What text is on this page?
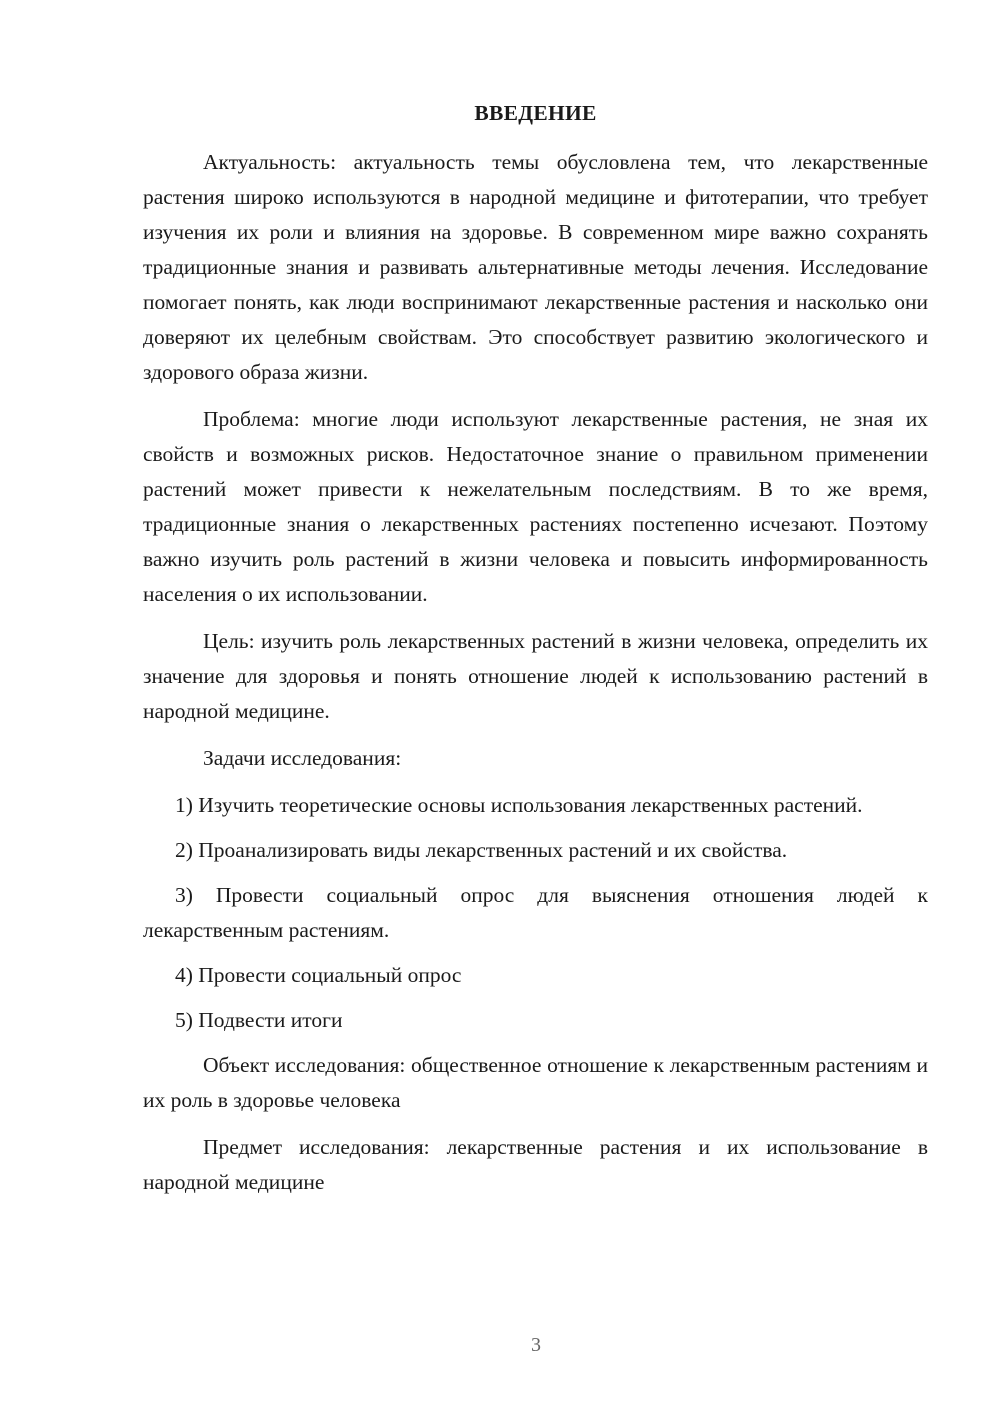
ВВЕДЕНИЕ

Актуальность: актуальность темы обусловлена тем, что лекарственные растения широко используются в народной медицине и фитотерапии, что требует изучения их роли и влияния на здоровье. В современном мире важно сохранять традиционные знания и развивать альтернативные методы лечения. Исследование помогает понять, как люди воспринимают лекарственные растения и насколько они доверяют их целебным свойствам. Это способствует развитию экологического и здорового образа жизни.

Проблема: многие люди используют лекарственные растения, не зная их свойств и возможных рисков. Недостаточное знание о правильном применении растений может привести к нежелательным последствиям. В то же время, традиционные знания о лекарственных растениях постепенно исчезают. Поэтому важно изучить роль растений в жизни человека и повысить информированность населения о их использовании.

Цель: изучить роль лекарственных растений в жизни человека, определить их значение для здоровья и понять отношение людей к использованию растений в народной медицине.

Задачи исследования:

1) Изучить теоретические основы использования лекарственных растений.

2) Проанализировать виды лекарственных растений и их свойства.

3) Провести социальный опрос для выяснения отношения людей к лекарственным растениям.

4) Провести социальный опрос

5) Подвести итоги

Объект исследования: общественное отношение к лекарственным растениям и их роль в здоровье человека

Предмет исследования: лекарственные растения и их использование в народной медицине

3
